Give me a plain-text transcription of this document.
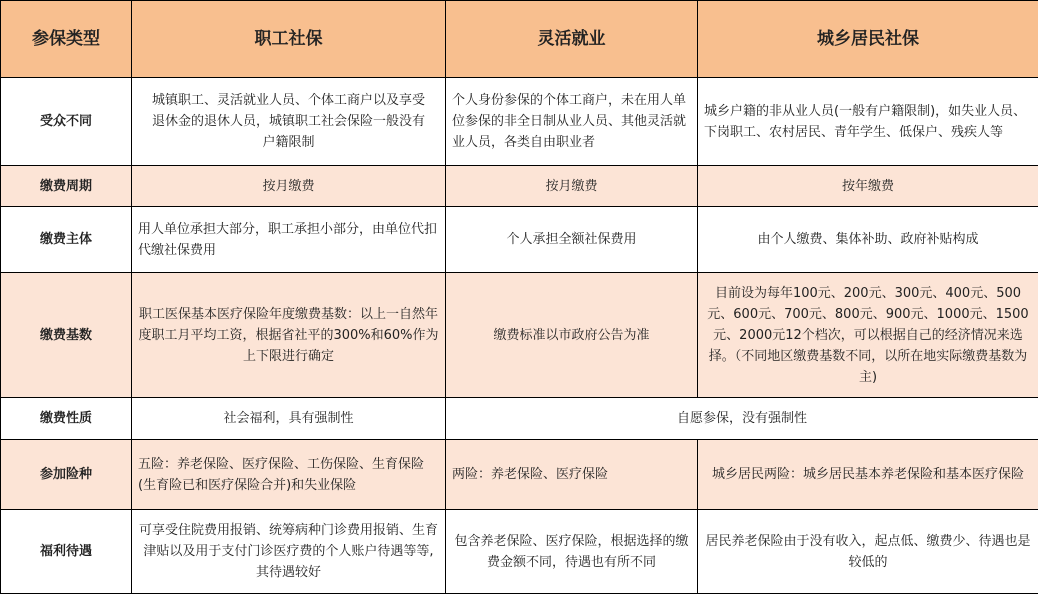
参保类型	职工社保	灵活就业	城乡居民社保
受众不同	城镇职工、灵活就业人员、个体工商户以及享受退休金的退休人员，城镇职工社会保险一般没有户籍限制	个人身份参保的个体工商户，未在用人单位参保的非全日制从业人员、其他灵活就业人员，各类自由职业者	城乡户籍的非从业人员(一般有户籍限制)，如失业人员、下岗职工、农村居民、青年学生、低保户、残疾人等
缴费周期	按月缴费	按月缴费	按年缴费
缴费主体	用人单位承担大部分，职工承担小部分，由单位代扣代缴社保费用	个人承担全额社保费用	由个人缴费、集体补助、政府补贴构成
缴费基数	职工医保基本医疗保险年度缴费基数：以上一自然年度职工月平均工资，根据省社平的300%和60%作为上下限进行确定	缴费标准以市政府公告为准	目前设为每年100元、200元、300元、400元、500元、600元、700元、800元、900元、1000元、1500元、2000元12个档次，可以根据自己的经济情况来选择。（不同地区缴费基数不同，以所在地实际缴费基数为主)
缴费性质	社会福利，具有强制性	自愿参保，没有强制性	
参加险种	五险：养老保险、医疗保险、工伤保险、生育保险(生育险已和医疗保险合并)和失业保险	两险：养老保险、医疗保险	城乡居民两险：城乡居民基本养老保险和基本医疗保险
福利待遇	可享受住院费用报销、统筹病种门诊费用报销、生育津贴以及用于支付门诊医疗费的个人账户待遇等等,其待遇较好	包含养老保险、医疗保险，根据选择的缴费金额不同，待遇也有所不同	居民养老保险由于没有收入，起点低、缴费少、待遇也是较低的
